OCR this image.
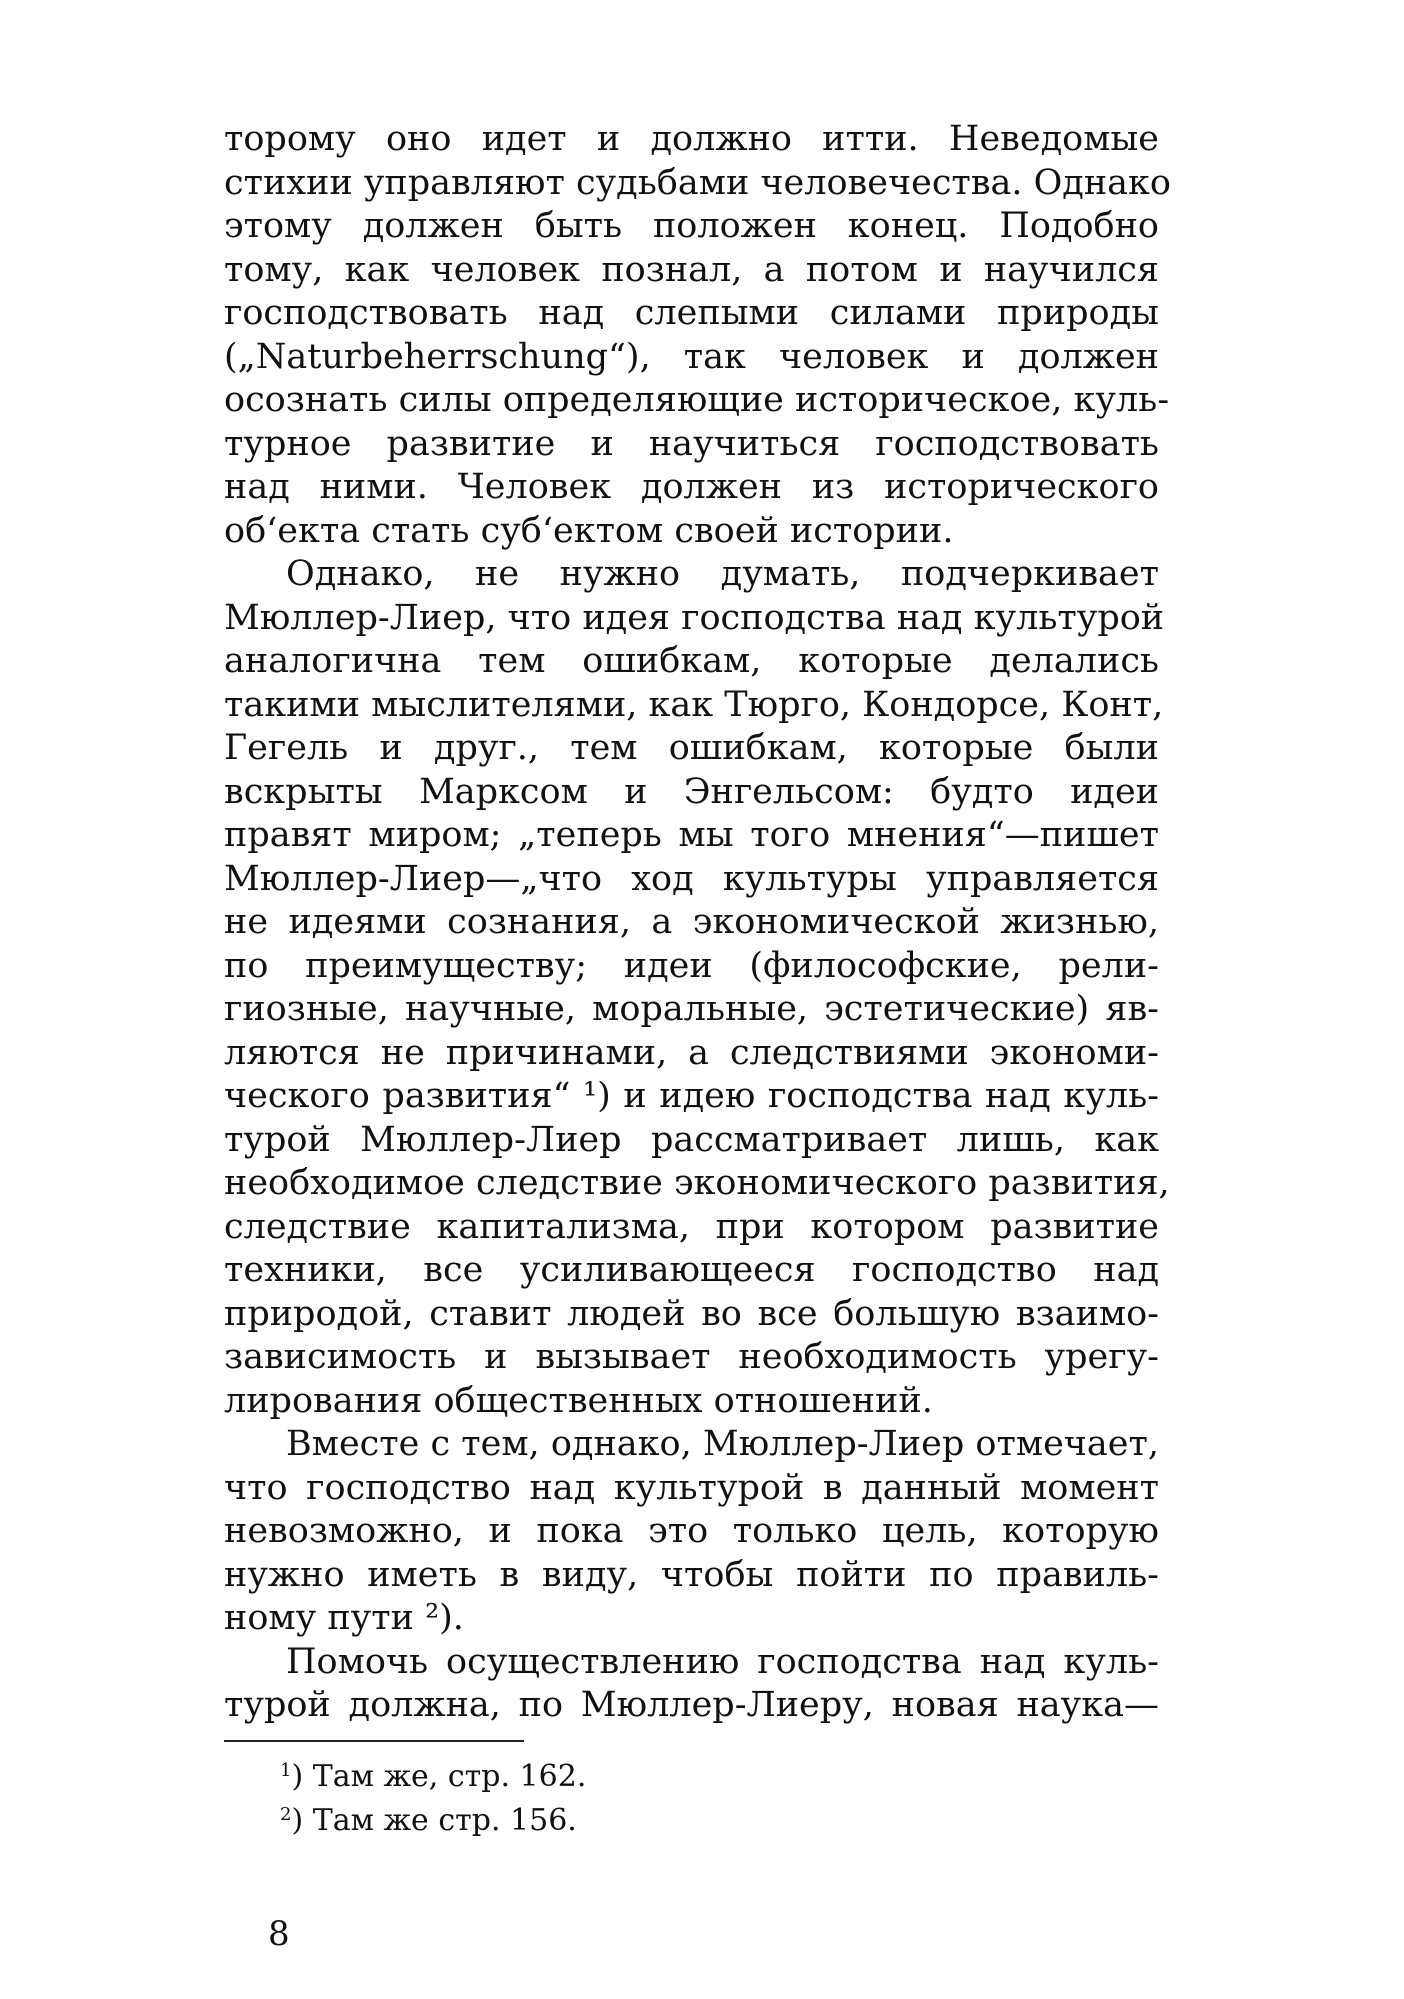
торому оно идет и должно итти. Неведомые
стихии управляют судьбами человечества. Однако
этому должен быть положен конец. Подобно
тому, как человек познал, а потом и научился
господствовать над слепыми силами природы
(„Naturbeherrschung“), так человек и должен
осознать силы определяющие историческое, куль-
турное развитие и научиться господствовать
над ними. Человек должен из исторического
об‘екта стать суб‘ектом своей истории.
Однако, не нужно думать, подчеркивает
Мюллер-Лиер, что идея господства над культурой
аналогична тем ошибкам, которые делались
такими мыслителями, как Тюрго, Кондорсе, Конт,
Гегель и друг., тем ошибкам, которые были
вскрыты Марксом и Энгельсом: будто идеи
правят миром; „теперь мы того мнения“—пишет
Мюллер-Лиер—„что ход культуры управляется
не идеями сознания, а экономической жизнью,
по преимуществу; идеи (философские, рели-
гиозные, научные, моральные, эстетические) яв-
ляются не причинами, а следствиями экономи-
ческого развития“ ¹) и идею господства над куль-
турой Мюллер-Лиер рассматривает лишь, как
необходимое следствие экономического развития,
следствие капитализма, при котором развитие
техники, все усиливающееся господство над
природой, ставит людей во все большую взаимо-
зависимость и вызывает необходимость урегу-
лирования общественных отношений.
Вместе с тем, однако, Мюллер-Лиер отмечает,
что господство над культурой в данный момент
невозможно, и пока это только цель, которую
нужно иметь в виду, чтобы пойти по правиль-
ному пути ²).
Помочь осуществлению господства над куль-
турой должна, по Мюллер-Лиеру, новая наука—
$^1$) Там же, стр. 162.
$^2$) Там же стр. 156.
8
